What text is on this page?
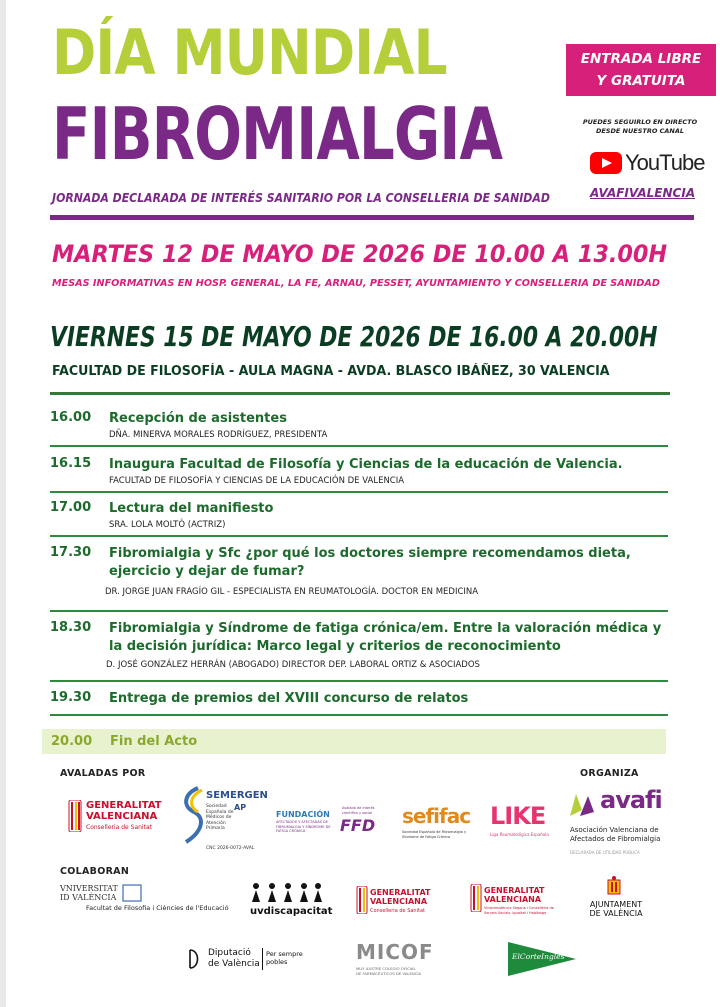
DÍA MUNDIAL
FIBROMIALGIA
JORNADA DECLARADA DE INTERÉS SANITARIO POR LA CONSELLERIA DE SANIDAD
ENTRADA LIBRE
Y GRATUITA
PUEDES SEGUIRLO EN DIRECTO
DESDE NUESTRO CANAL
YouTube
AVAFIVALENCIA
MARTES 12 DE MAYO DE 2026 DE 10.00 A 13.00H
MESAS INFORMATIVAS EN HOSP. GENERAL, LA FE, ARNAU, PESSET, AYUNTAMIENTO Y CONSELLERIA DE SANIDAD
VIERNES 15 DE MAYO DE 2026 DE 16.00 A 20.00H
FACULTAD DE FILOSOFÍA - AULA MAGNA - AVDA. BLASCO IBÁÑEZ, 30 VALENCIA
16.00 Recepción de asistentes
DÑA. MINERVA MORALES RODRÍGUEZ, PRESIDENTA
16.15 Inaugura Facultad de Filosofía y Ciencias de la educación de Valencia.
FACULTAD DE FILOSOFÍA Y CIENCIAS DE LA EDUCACIÓN DE VALENCIA
17.00 Lectura del manifiesto
SRA. LOLA MOLTÓ (ACTRIZ)
17.30 Fibromialgia y Sfc ¿por qué los doctores siempre recomendamos dieta,
ejercicio y dejar de fumar?
DR. JORGE JUAN FRAGÍO GIL - ESPECIALISTA EN REUMATOLOGÍA. DOCTOR EN MEDICINA
18.30 Fibromialgia y Síndrome de fatiga crónica/em. Entre la valoración médica y
la decisión jurídica: Marco legal y criterios de reconocimiento
D. JOSÉ GONZÁLEZ HERRÁN (ABOGADO) DIRECTOR DEP. LABORAL ORTIZ & ASOCIADOS
19.30 Entrega de premios del XVIII concurso de relatos
20.00 Fin del Acto
AVALADAS POR	ORGANIZA
COLABORAN
GENERALITAT
VALENCIANA
Conselleria de Sanitat
SEMERGEN
AP
Sociedad Española de Médicos de Atención Primaria
CNC 2026-0072-AVAL
FUNDACIÓN
AFECTADOS Y AFECTADAS DE FIBROMIALGIA Y SÍNDROME DE FATIGA CRÓNICA
Avalado de interés científico y social
FFD sefifac
Sociedad Española de Fibromialgia y Síndrome de Fatiga Crónica
LIKE
Liga Reumatológica Española
avafi
Asociación Valenciana de
Afectados de Fibromialgia
DECLARADA DE UTILIDAD PÚBLICA
VNIVERSITAT
ID VALÈNCIA
Facultat de Filosofia i Ciències de l'Educació uvdiscapacitat
GENERALITAT
VALENCIANA
Conselleria de Sanitat
GENERALITAT
VALENCIANA
Vicepresidència Segona i Conselleria de Serveis Socials, Igualtat i Habitatge
AJUNTAMENT
DE VALÈNCIA
Diputació
de València
Per sempre
pobles	MICOF
MUY ILUSTRE COLEGIO OFICIAL
DE FARMACÉUTICOS DE VALENCIA
ElCorteInglés
